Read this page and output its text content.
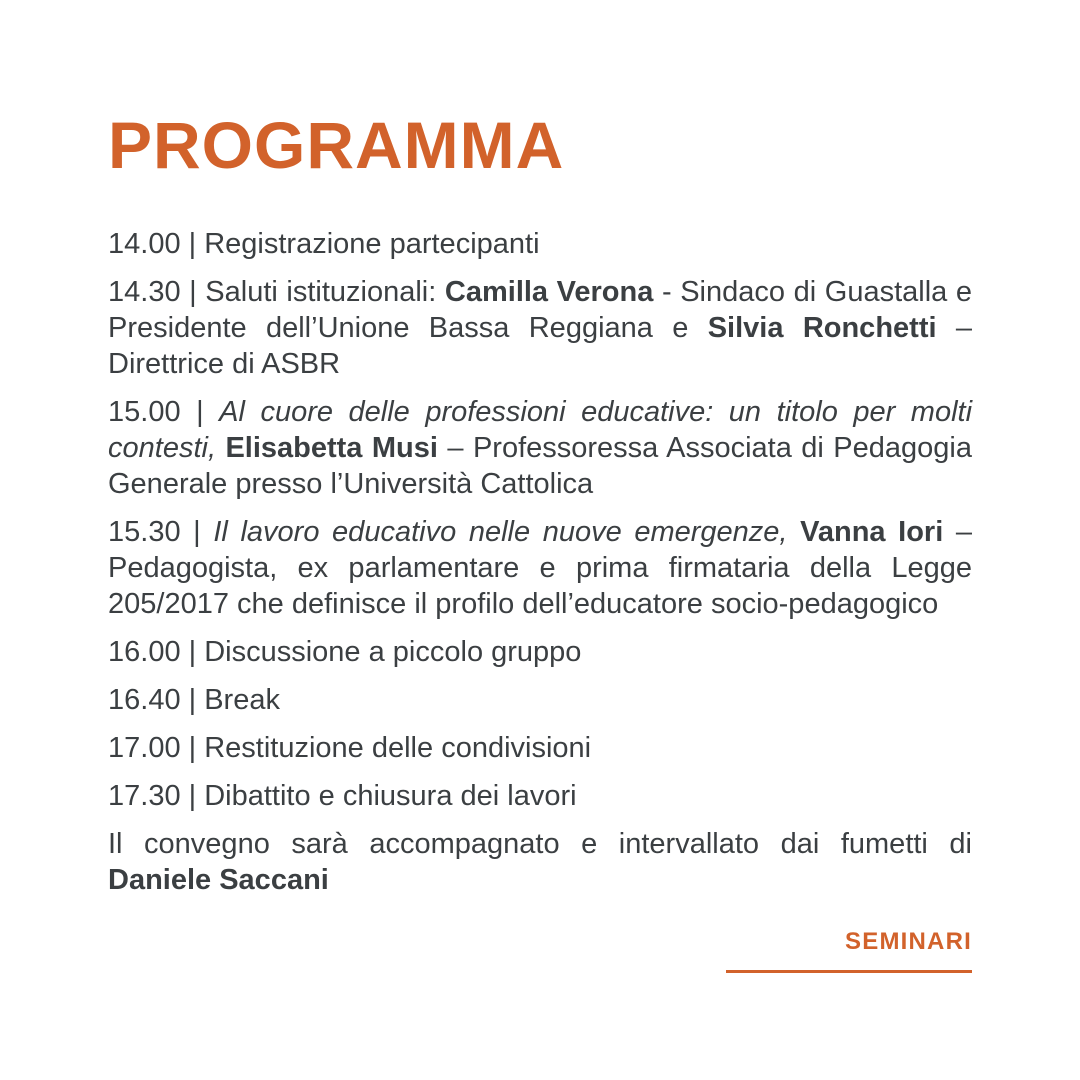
PROGRAMMA

14.00 | Registrazione partecipanti

14.30 | Saluti istituzionali: Camilla Verona - Sindaco di Guastalla e Presidente dell’Unione Bassa Reggiana e Silvia Ronchetti – Direttrice di ASBR

15.00 | Al cuore delle professioni educative: un titolo per molti contesti, Elisabetta Musi – Professoressa Associata di Pedagogia Generale presso l’Università Cattolica

15.30 | Il lavoro educativo nelle nuove emergenze, Vanna Iori – Pedagogista, ex parlamentare e prima firmataria della Legge 205/2017 che definisce il profilo dell’educatore socio-pedagogico

16.00 | Discussione a piccolo gruppo

16.40 | Break

17.00 | Restituzione delle condivisioni

17.30 | Dibattito e chiusura dei lavori

Il convegno sarà accompagnato e intervallato dai fumetti di Daniele Saccani

SEMINARI
